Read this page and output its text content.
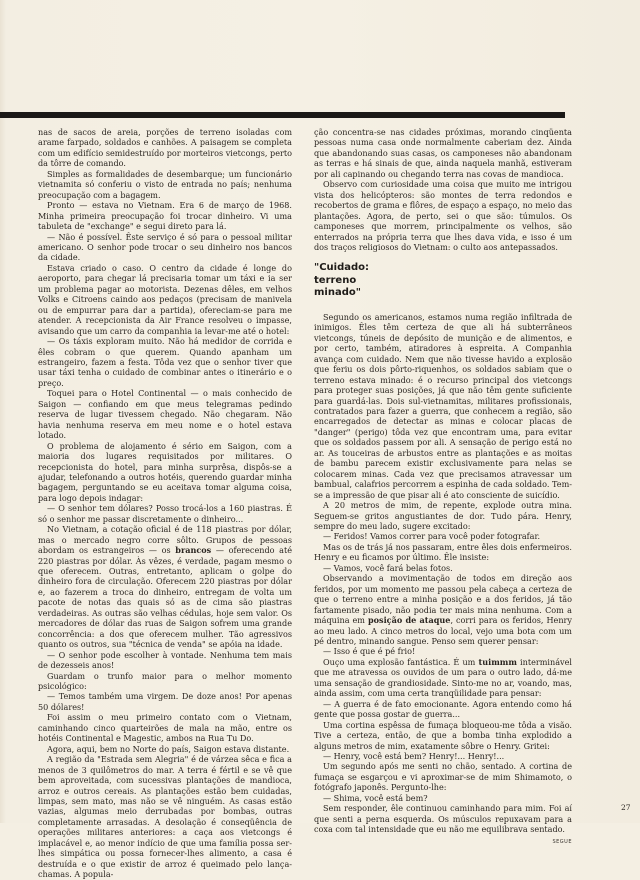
nas de sacos de areia, porções de terreno isoladas com arame farpado, soldados e canhões. A paisagem se completa com um edifício semidestruído por morteiros vietcongs, perto da tôrre de comando.

Simples as formalidades de desembarque; um funcionário vietnamita só conferiu o visto de entrada no país; nenhuma preocupação com a bagagem.

Pronto — estava no Vietnam. Era 6 de março de 1968. Minha primeira preocupação foi trocar dinheiro. Vi uma tabuleta de "exchange" e segui direto para lá.

— Não é possível. Êste serviço é só para o pessoal militar americano. O senhor pode trocar o seu dinheiro nos bancos da cidade.

Estava criado o caso. O centro da cidade é longe do aeroporto, para chegar lá precisaria tomar um táxi e ia ser um problema pagar ao motorista. Dezenas dêles, em velhos Volks e Citroens caindo aos pedaços (precisam de manivela ou de empurrar para dar a partida), ofereciam-se para me atender. A recepcionista da Air France resolveu o impasse, avisando que um carro da companhia ia levar-me até o hotel:

— Os táxis exploram muito. Não há medidor de corrida e êles cobram o que querem. Quando apanham um estrangeiro, fazem a festa. Tôda vez que o senhor tiver que usar táxi tenha o cuidado de combinar antes o itinerário e o preço.

Toquei para o Hotel Continental — o mais conhecido de Saigon — confiando em que meus telegramas pedindo reserva de lugar tivessem chegado. Não chegaram. Não havia nenhuma reserva em meu nome e o hotel estava lotado.

O problema de alojamento é sério em Saigon, com a maioria dos lugares requisitados por militares. O recepcionista do hotel, para minha surprêsa, dispôs-se a ajudar, telefonando a outros hotéis, querendo guardar minha bagagem, perguntando se eu aceitava tomar alguma coisa, para logo depois indagar:

— O senhor tem dólares? Posso trocá-los a 160 piastras. É só o senhor me passar discretamente o dinheiro...

No Vietnam, a cotação oficial é de 118 piastras por dólar, mas o mercado negro corre sôlto. Grupos de pessoas abordam os estrangeiros — os brancos — oferecendo até 220 piastras por dólar. Às vêzes, é verdade, pagam mesmo o que oferecem. Outras, entretanto, aplicam o golpe do dinheiro fora de circulação. Oferecem 220 piastras por dólar e, ao fazerem a troca do dinheiro, entregam de volta um pacote de notas das quais só as de cima são piastras verdadeiras. As outras são velhas cédulas, hoje sem valor. Os mercadores de dólar das ruas de Saigon sofrem uma grande concorrência: a dos que oferecem mulher. Tão agressivos quanto os outros, sua "técnica de venda" se apóia na idade.

— O senhor pode escolher à vontade. Nenhuma tem mais de dezesseis anos!

Guardam o trunfo maior para o melhor momento psicológico:

— Temos também uma virgem. De doze anos! Por apenas 50 dólares!

Foi assim o meu primeiro contato com o Vietnam, caminhando cinco quarteirões de mala na mão, entre os hotéis Continental e Magestic, ambos na Rua Tu Do.

Agora, aqui, bem no Norte do país, Saigon estava distante.

A região da "Estrada sem Alegria" é de várzea sêca e fica a menos de 3 quilômetros do mar. A terra é fértil e se vê que bem aproveitada, com sucessivas plantações de mandioca, arroz e outros cereais. As plantações estão bem cuidadas, limpas, sem mato, mas não se vê ninguém. As casas estão vazias, algumas meio derrubadas por bombas, outras completamente arrasadas. A desolação é conseqüência de operações militares anteriores: a caça aos vietcongs é implacável e, ao menor indício de que uma família possa ser-lhes simpática ou possa fornecer-lhes alimento, a casa é destruída e o que existir de arroz é queimado pelo lança-chamas. A popula-

ção concentra-se nas cidades próximas, morando cinqüenta pessoas numa casa onde normalmente caberiam dez. Ainda que abandonando suas casas, os camponeses não abandonam as terras e há sinais de que, ainda naquela manhã, estiveram por ali capinando ou chegando terra nas covas de mandioca.

Observo com curiosidade uma coisa que muito me intrigou vista dos helicópteros: são montes de terra redondos e recobertos de grama e flôres, de espaço a espaço, no meio das plantações. Agora, de perto, sei o que são: túmulos. Os camponeses que morrem, principalmente os velhos, são enterrados na própria terra que lhes dava vida, e isso é um dos traços religiosos do Vietnam: o culto aos antepassados.

"Cuidado:
terreno
minado"

Segundo os americanos, estamos numa região infiltrada de inimigos. Êles têm certeza de que ali há subterrâneos vietcongs, túneis de depósito de munição e de alimentos, e por certo, também, atiradores à espreita. A Companhia avança com cuidado. Nem que não tivesse havido a explosão que feriu os dois pôrto-riquenhos, os soldados sabiam que o terreno estava minado: é o recurso principal dos vietcongs para proteger suas posições, já que não têm gente suficiente para guardá-las. Dois sul-vietnamitas, militares profissionais, contratados para fazer a guerra, que conhecem a região, são encarregados de detectar as minas e colocar placas de "danger" (perigo) tôda vez que encontram uma, para evitar que os soldados passem por ali. A sensação de perigo está no ar. As touceiras de arbustos entre as plantações e as moitas de bambu parecem existir exclusivamente para nelas se colocarem minas. Cada vez que precisamos atravessar um bambual, calafrios percorrem a espinha de cada soldado. Tem-se a impressão de que pisar ali é ato consciente de suicídio.

A 20 metros de mim, de repente, explode outra mina. Seguem-se gritos angustiantes de dor. Tudo pára. Henry, sempre do meu lado, sugere excitado:

— Feridos! Vamos correr para você poder fotografar.

Mas os de trás já nos passaram, entre êles dois enfermeiros. Henry e eu ficamos por último. Êle insiste:

— Vamos, você fará belas fotos.

Observando a movimentação de todos em direção aos feridos, por um momento me passou pela cabeça a certeza de que o terreno entre a minha posição e a dos feridos, já tão fartamente pisado, não podia ter mais mina nenhuma. Com a máquina em posição de ataque, corri para os feridos, Henry ao meu lado. A cinco metros do local, vejo uma bota com um pé dentro, minando sangue. Penso sem querer pensar:

— Isso é que é pé frio!

Ouço uma explosão fantástica. É um tuimmm interminável que me atravessa os ouvidos de um para o outro lado, dá-me uma sensação de grandiosidade. Sinto-me no ar, voando, mas, ainda assim, com uma certa tranqüilidade para pensar:

— A guerra é de fato emocionante. Agora entendo como há gente que possa gostar de guerra...

Uma cortina espêssa de fumaça bloqueou-me tôda a visão. Tive a certeza, então, de que a bomba tinha explodido a alguns metros de mim, exatamente sôbre o Henry. Gritei:

— Henry, você está bem? Henry!... Henry!...

Um segundo após me senti no chão, sentado. A cortina de fumaça se esgarçou e vi aproximar-se de mim Shimamoto, o fotógrafo japonês. Pergunto-lhe:

— Shima, você está bem?

Sem responder, êle continuou caminhando para mim. Foi aí que senti a perna esquerda. Os músculos repuxavam para a coxa com tal intensidade que eu não me equilibrava sentado.

SEGUE
27
